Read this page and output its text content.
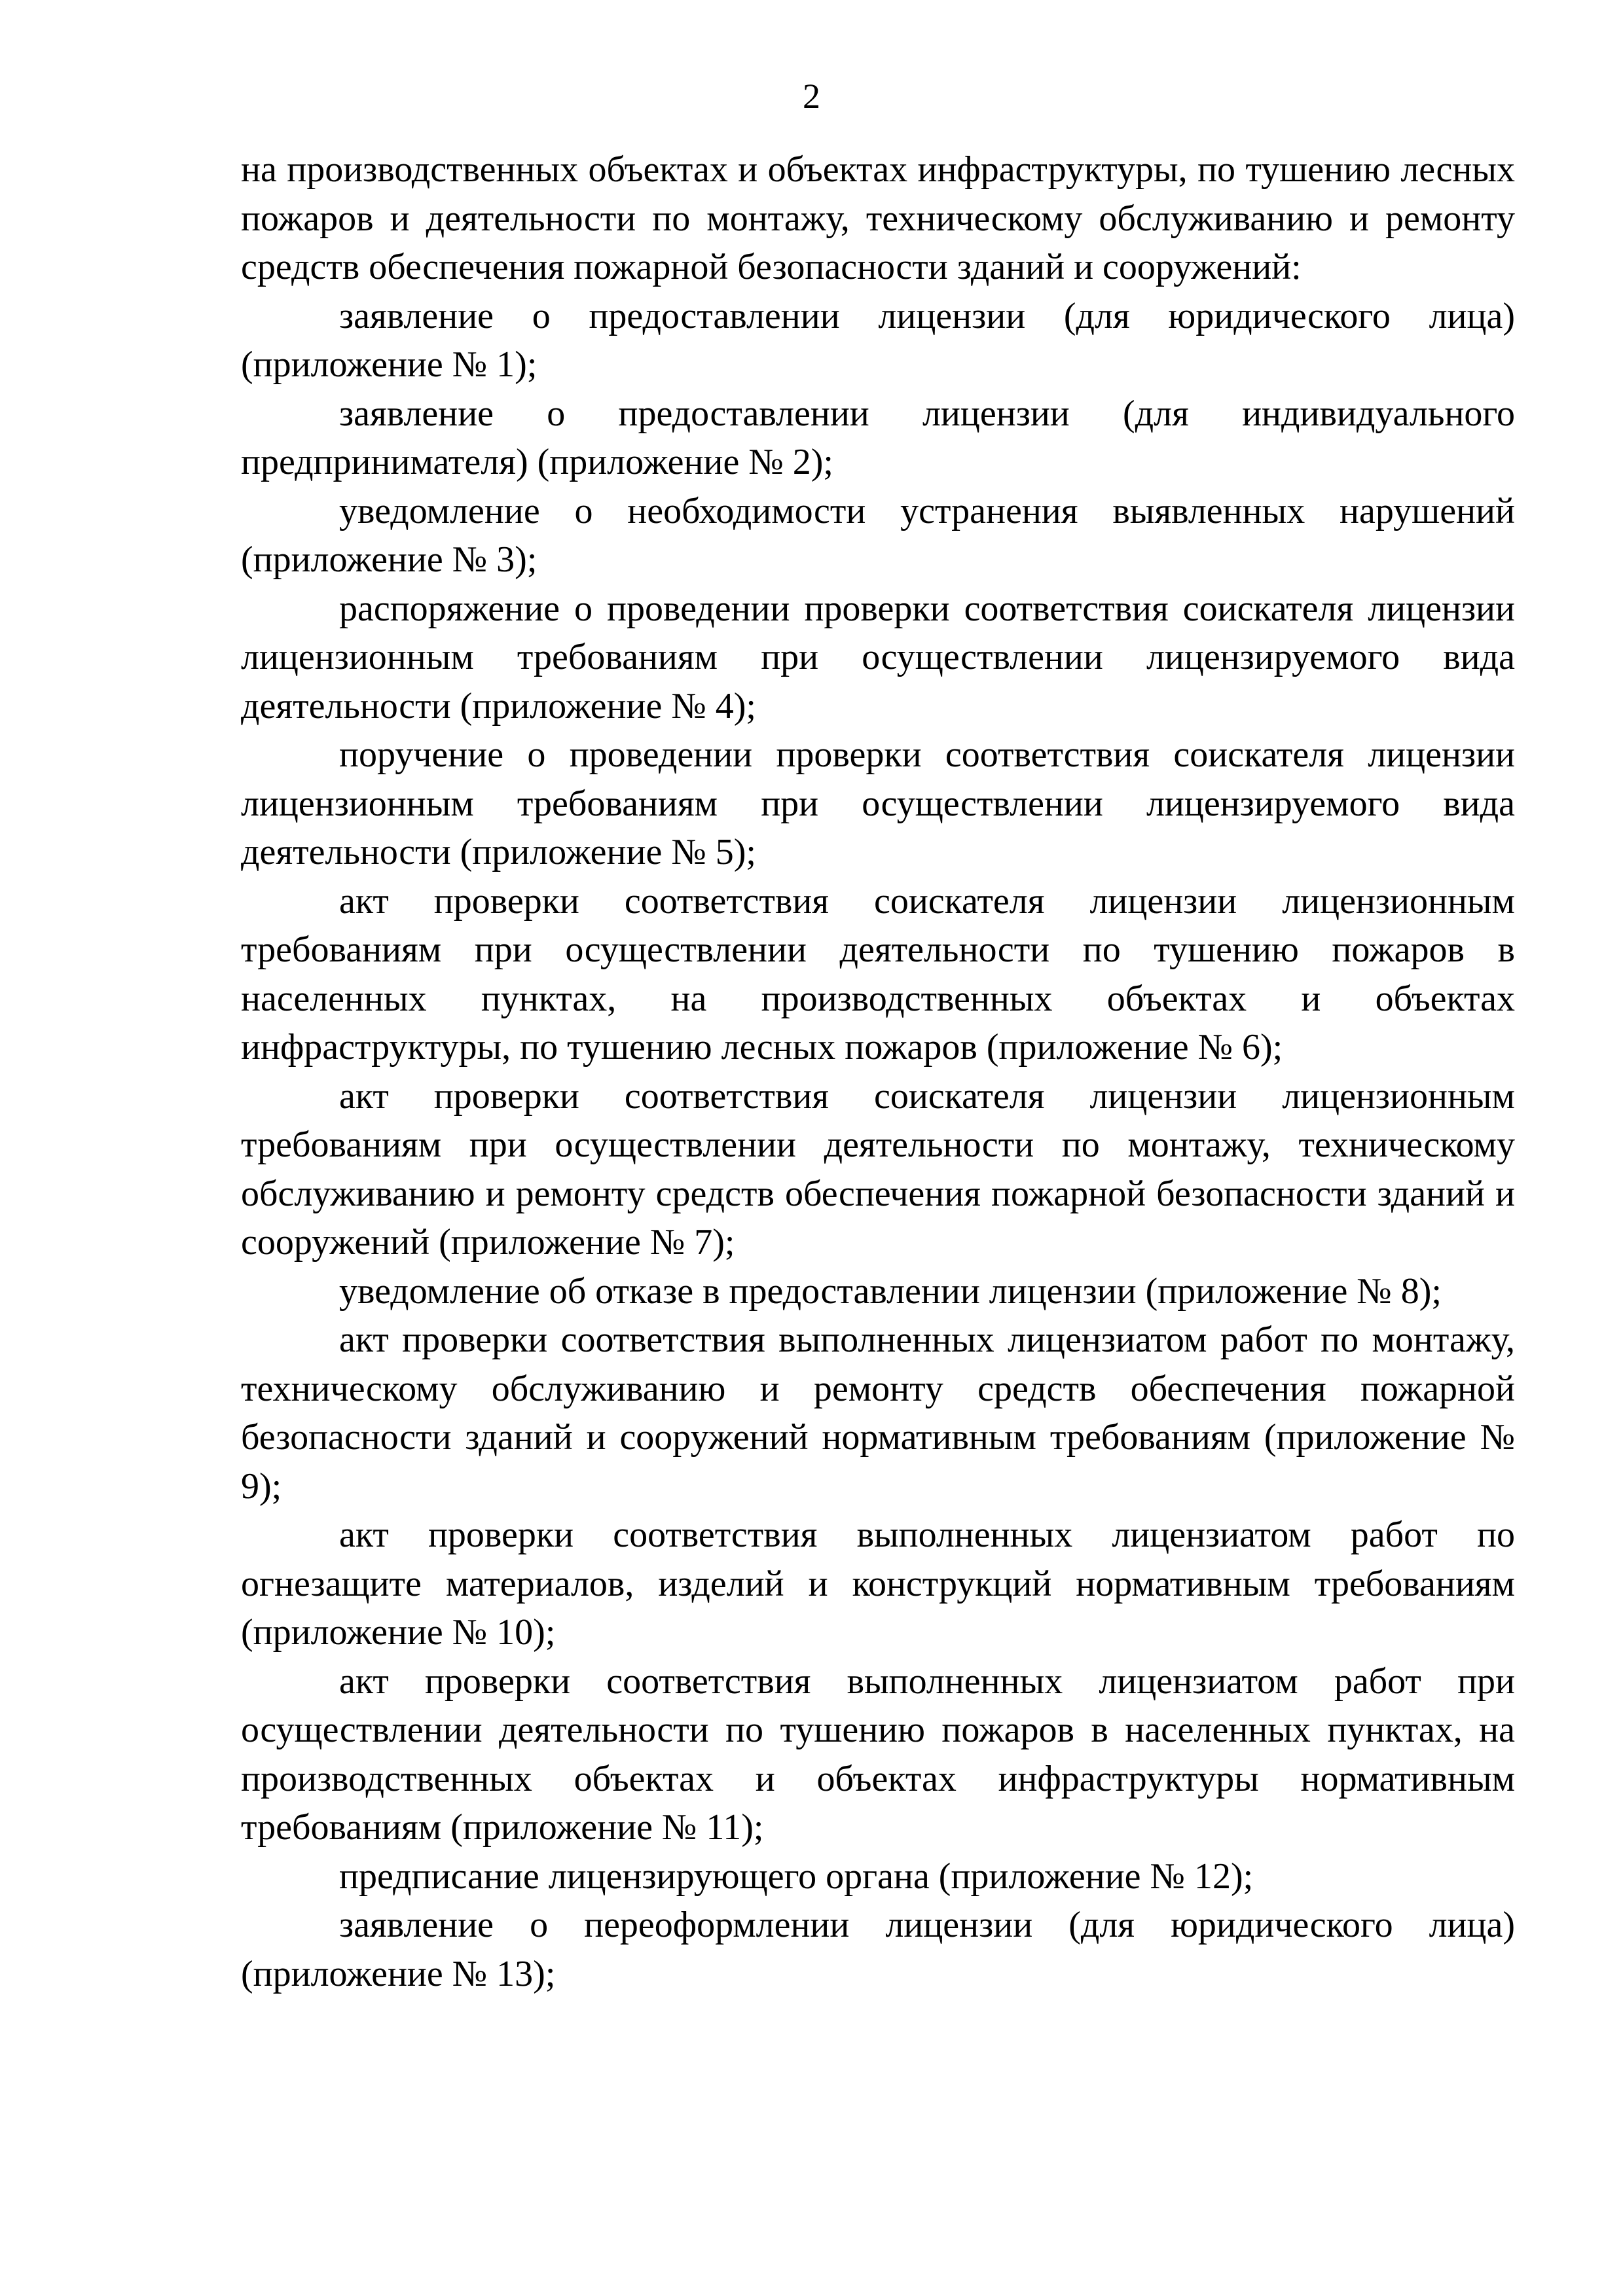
2

на производственных объектах и объектах инфраструктуры, по тушению лесных пожаров и деятельности по монтажу, техническому обслуживанию и ремонту средств обеспечения пожарной безопасности зданий и сооружений:

заявление о предоставлении лицензии (для юридического лица) (приложение № 1);

заявление о предоставлении лицензии (для индивидуального предпринимателя) (приложение № 2);

уведомление о необходимости устранения выявленных нарушений (приложение № 3);

распоряжение о проведении проверки соответствия соискателя лицензии лицензионным требованиям при осуществлении лицензируемого вида деятельности (приложение № 4);

поручение о проведении проверки соответствия соискателя лицензии лицензионным требованиям при осуществлении лицензируемого вида деятельности (приложение № 5);

акт проверки соответствия соискателя лицензии лицензионным требованиям при осуществлении деятельности по тушению пожаров в населенных пунктах, на производственных объектах и объектах инфраструктуры, по тушению лесных пожаров (приложение № 6);

акт проверки соответствия соискателя лицензии лицензионным требованиям при осуществлении деятельности по монтажу, техническому обслуживанию и ремонту средств обеспечения пожарной безопасности зданий и сооружений (приложение № 7);

уведомление об отказе в предоставлении лицензии (приложение № 8);

акт проверки соответствия выполненных лицензиатом работ по монтажу, техническому обслуживанию и ремонту средств обеспечения пожарной безопасности зданий и сооружений нормативным требованиям (приложение № 9);

акт проверки соответствия выполненных лицензиатом работ по огнезащите материалов, изделий и конструкций нормативным требованиям (приложение № 10);

акт проверки соответствия выполненных лицензиатом работ при осуществлении деятельности по тушению пожаров в населенных пунктах, на производственных объектах и объектах инфраструктуры нормативным требованиям (приложение № 11);

предписание лицензирующего органа (приложение № 12);

заявление о переоформлении лицензии (для юридического лица) (приложение № 13);
